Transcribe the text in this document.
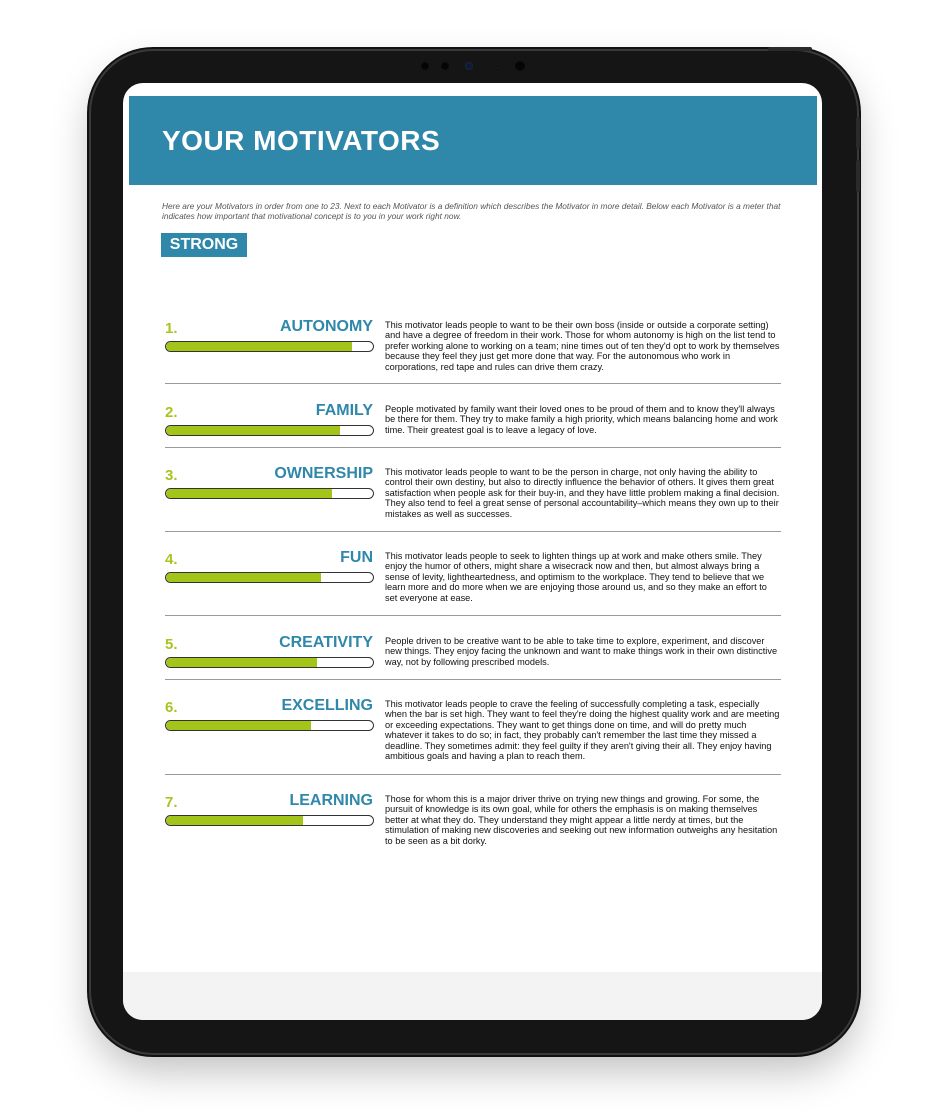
YOUR MOTIVATORS
Here are your Motivators in order from one to 23. Next to each Motivator is a definition which describes the Motivator in more detail. Below each Motivator is a meter that indicates how important that motivational concept is to you in your work right now.
STRONG
1.	AUTONOMY This motivator leads people to want to be their own boss (inside or outside a corporate setting) and have a degree of freedom in their work. Those for whom autonomy is high on the list tend to prefer working alone to working on a team; nine times out of ten they'd opt to work by themselves because they feel they just get more done that way. For the autonomous who work in corporations, red tape and rules can drive them crazy.
2.	FAMILY People motivated by family want their loved ones to be proud of them and to know they'll always be there for them. They try to make family a high priority, which means balancing home and work time. Their greatest goal is to leave a legacy of love.
3.	OWNERSHIP This motivator leads people to want to be the person in charge, not only having the ability to control their own destiny, but also to directly influence the behavior of others. It gives them great satisfaction when people ask for their buy-in, and they have little problem making a final decision. They also tend to feel a great sense of personal accountability–which means they own up to their mistakes as well as successes.
4.	FUN This motivator leads people to seek to lighten things up at work and make others smile. They enjoy the humor of others, might share a wisecrack now and then, but almost always bring a sense of levity, lightheartedness, and optimism to the workplace. They tend to believe that we learn more and do more when we are enjoying those around us, and so they make an effort to set everyone at ease.
5.	CREATIVITY People driven to be creative want to be able to take time to explore, experiment, and discover new things. They enjoy facing the unknown and want to make things work in their own distinctive way, not by following prescribed models.
6.	EXCELLING This motivator leads people to crave the feeling of successfully completing a task, especially when the bar is set high. They want to feel they're doing the highest quality work and are meeting or exceeding expectations. They want to get things done on time, and will do pretty much whatever it takes to do so; in fact, they probably can't remember the last time they missed a deadline. They sometimes admit: they feel guilty if they aren't giving their all. They enjoy having ambitious goals and having a plan to reach them.
7.	LEARNING Those for whom this is a major driver thrive on trying new things and growing. For some, the pursuit of knowledge is its own goal, while for others the emphasis is on making themselves better at what they do. They understand they might appear a little nerdy at times, but the stimulation of making new discoveries and seeking out new information outweighs any hesitation to be seen as a bit dorky.
